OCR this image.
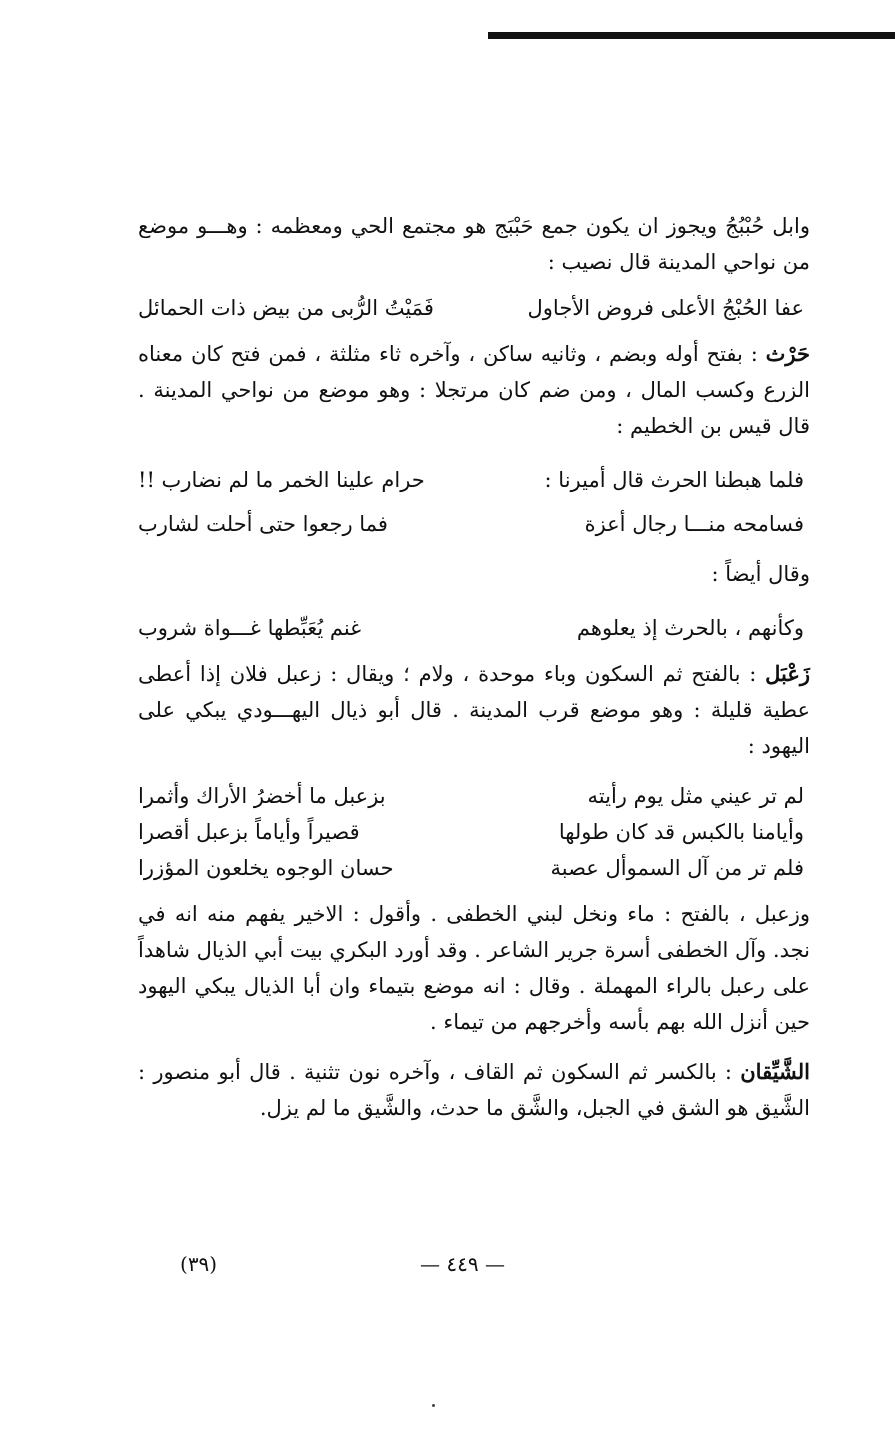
وابل حُبْبُجُ ويجوز ان يكون جمع حَبْبَج هو مجتمع الحي ومعظمه : وهـــو موضع من نواحي المدينة قال نصيب :

عفا الحُبْجُ الأعلى فروض الأجاول
فَمَيْتُ الرُّبى من بيض ذات الحمائل

حَرْث : بفتح أوله وبضم ، وثانيه ساكن ، وآخره ثاء مثلثة ، فمن فتح كان معناه الزرع وكسب المال ، ومن ضم كان مرتجلا : وهو موضع من نواحي المدينة . قال قيس بن الخطيم :

فلما هبطنا الحرث قال أميرنا :
حرام علينا الخمر ما لم نضارب !!
فسامحه منـــا رجال أعزة
فما رجعوا حتى أحلت لشارب

وقال أيضاً :

وكأنهم ، بالحرث إذ يعلوهم
غنم يُعَبِّطها غـــواة شروب

زَعْبَل : بالفتح ثم السكون وباء موحدة ، ولام ؛ ويقال : زعبل فلان إذا أعطى عطية قليلة : وهو موضع قرب المدينة . قال أبو ذيال اليهـــودي يبكي على اليهود :

لم تر عيني مثل يوم رأيته
بزعبل ما أخضرُ الأراك وأثمرا
وأيامنا بالكبس قد كان طولها
قصيراً وأياماً بزعبل أقصرا
فلم تر من آل السموأل عصبة
حسان الوجوه يخلعون المؤزرا

وزعبل ، بالفتح : ماء ونخل لبني الخطفى . وأقول : الاخير يفهم منه انه في نجد. وآل الخطفى أسرة جرير الشاعر . وقد أورد البكري بيت أبي الذيال شاهداً على رعبل بالراء المهملة . وقال : انه موضع بتيماء وان أبا الذيال يبكي اليهود حين أنزل الله بهم بأسه وأخرجهم من تيماء .

الشَّيِّقان : بالكسر ثم السكون ثم القاف ، وآخره نون تثنية . قال أبو منصور : الشَّيق هو الشق في الجبل، والشَّق ما حدث، والشَّيق ما لم يزل.

(٣٩)	— ٤٤٩ —
